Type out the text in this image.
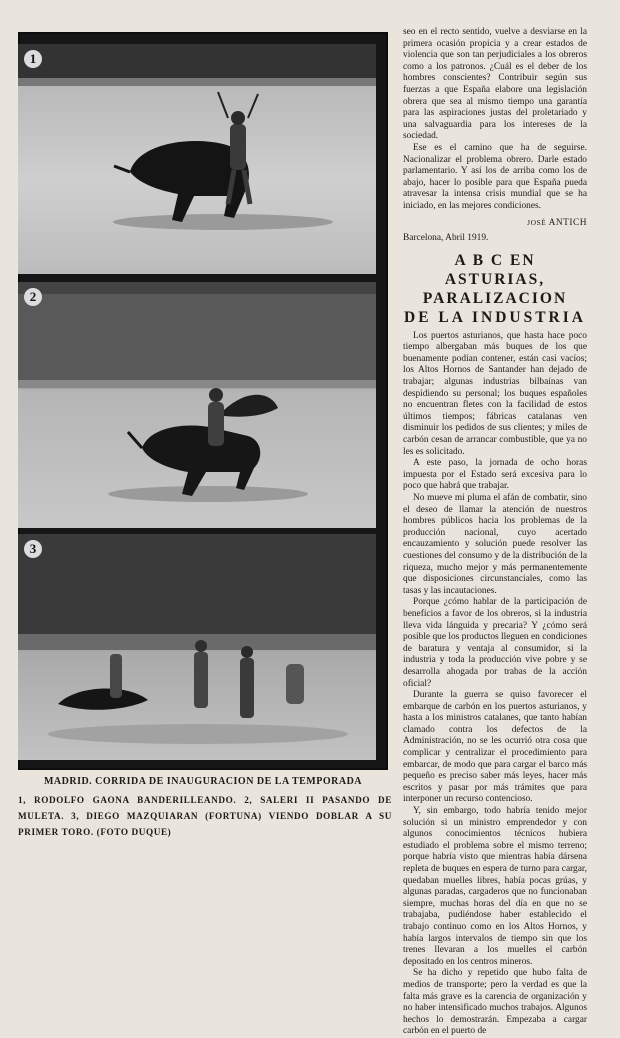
1
2
3
MADRID. CORRIDA DE INAUGURACION DE LA TEMPORADA
1, RODOLFO GAONA BANDERILLEANDO. 2, SALERI II PASANDO DE MULETA. 3, DIEGO MAZQUIARAN (FORTUNA) VIENDO DOBLAR A SU PRIMER TORO. (FOTO DUQUE)

seo en el recto sentido, vuelve a desviarse en la primera ocasión propicia y a crear estados de violencia que son tan perjudiciales a los obreros como a los patronos. ¿Cuál es el deber de los hombres conscientes? Contribuir según sus fuerzas a que España elabore una legislación obrera que sea al mismo tiempo una garantía para las aspiraciones justas del proletariado y una salvaguardia para los intereses de la sociedad.

Ese es el camino que ha de seguirse. Nacionalizar el problema obrero. Darle estado parlamentario. Y así los de arriba como los de abajo, hacer lo posible para que España pueda atravesar la intensa crisis mundial que se ha iniciado, en las mejores condiciones.

JOSÉ ANTICH
Barcelona, Abril 1919.
A B C EN ASTURIAS,
PARALIZACION
DE LA INDUSTRIA

Los puertos asturianos, que hasta hace poco tiempo albergaban más buques de los que buenamente podían contener, están casi vacíos; los Altos Hornos de Santander han dejado de trabajar; algunas industrias bilbaínas van despidiendo su personal; los buques españoles no encuentran fletes con la facilidad de estos últimos tiempos; fábricas catalanas ven disminuir los pedidos de sus clientes; y miles de carbón cesan de arrancar combustible, que ya no les es solicitado.

A este paso, la jornada de ocho horas impuesta por el Estado será excesiva para lo poco que habrá que trabajar.

No mueve mi pluma el afán de combatir, sino el deseo de llamar la atención de nuestros hombres públicos hacia los problemas de la producción nacional, cuyo acertado encauzamiento y solución puede resolver las cuestiones del consumo y de la distribución de la riqueza, mucho mejor y más permanentemente que disposiciones circunstanciales, como las tasas y las incautaciones.

Porque ¿cómo hablar de la participación de beneficios a favor de los obreros, si la industria lleva vida lánguida y precaria? Y ¿cómo será posible que los productos lleguen en condiciones de baratura y ventaja al consumidor, si la industria y toda la producción vive pobre y se desarrolla ahogada por trabas de la acción oficial?

Durante la guerra se quiso favorecer el embarque de carbón en los puertos asturianos, y hasta a los ministros catalanes, que tanto habían clamado contra los defectos de la Administración, no se les ocurrió otra cosa que complicar y centralizar el procedimiento para embarcar, de modo que para cargar el barco más pequeño es preciso saber más leyes, hacer más escritos y pasar por más trámites que para interponer un recurso contencioso.

Y, sin embargo, todo habría tenido mejor solución si un ministro emprendedor y con algunos conocimientos técnicos hubiera estudiado el problema sobre el mismo terreno; porque habría visto que mientras había dársena repleta de buques en espera de turno para cargar, quedaban muelles libres, había pocas grúas, y algunas paradas, cargaderos que no funcionaban siempre, muchas horas del día en que no se trabajaba, pudiéndose haber establecido el trabajo continuo como en los Altos Hornos, y había largos intervalos de tiempo sin que los trenes llevaran a los muelles el carbón depositado en los centros mineros.

Se ha dicho y repetido que hubo falta de medios de transporte; pero la verdad es que la falta más grave es la carencia de organización y no haber intensificado muchos trabajos. Algunos hechos lo demostrarán. Empezaba a cargar carbón en el puerto de
